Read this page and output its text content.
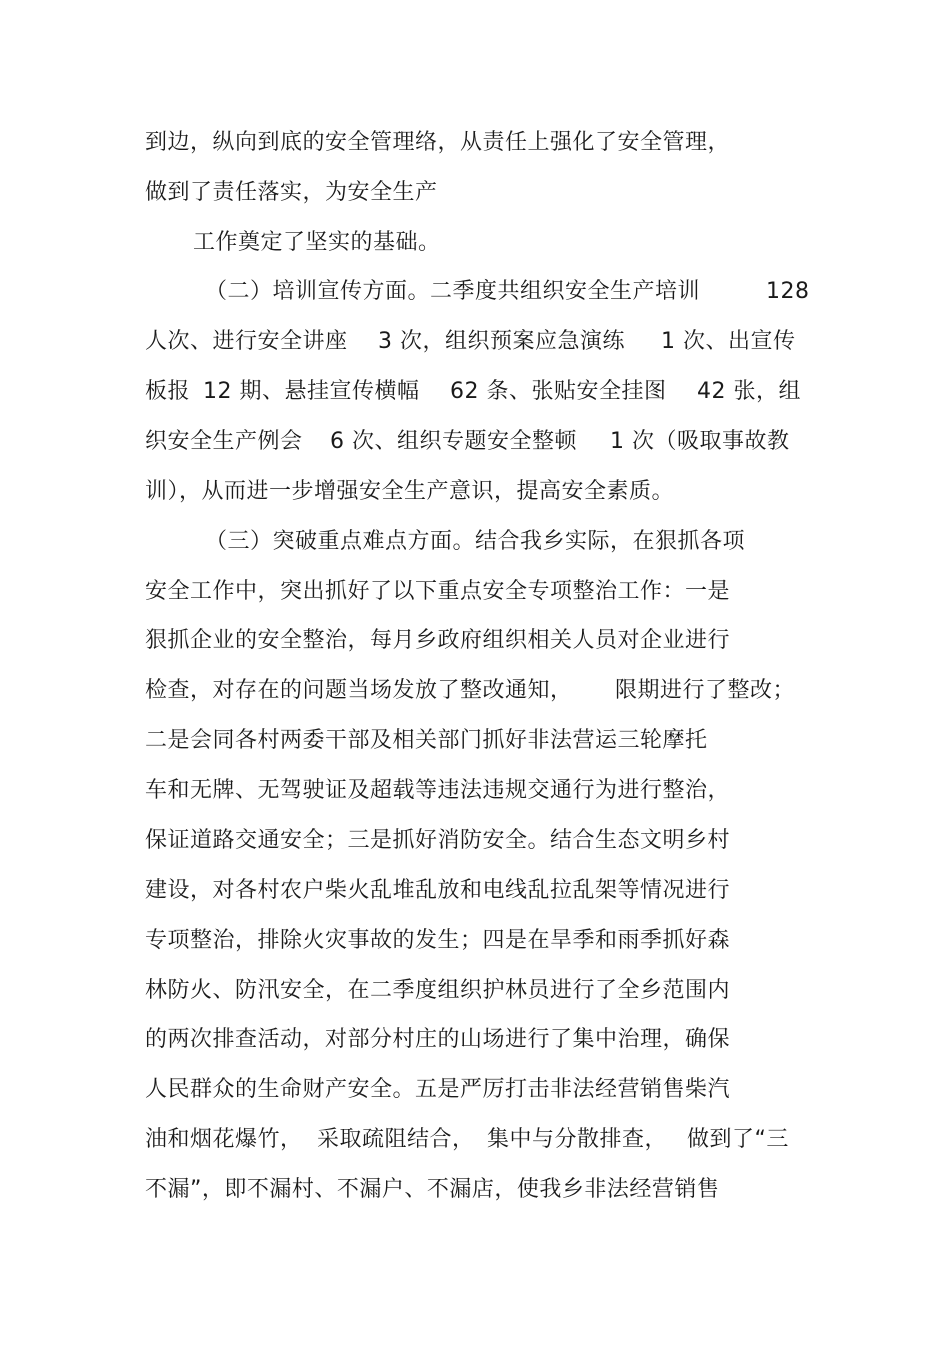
到边，纵向到底的安全管理络，从责任上强化了安全管理，
做到了责任落实，为安全生产
工作奠定了坚实的基础。
（二）培训宣传方面。二季度共组织安全生产培训	128
人次、进行安全讲座 3 次，组织预案应急演练 1 次、出宣传
板报 12 期、悬挂宣传横幅 62 条、张贴安全挂图 42 张，组
织安全生产例会 6 次、组织专题安全整顿 1 次（吸取事故教
训），从而进一步增强安全生产意识，提高安全素质。
（三）突破重点难点方面。结合我乡实际，在狠抓各项
安全工作中，突出抓好了以下重点安全专项整治工作：一是
狠抓企业的安全整治，每月乡政府组织相关人员对企业进行
检查，对存在的问题当场发放了整改通知， 限期进行了整改；
二是会同各村两委干部及相关部门抓好非法营运三轮摩托
车和无牌、无驾驶证及超载等违法违规交通行为进行整治，
保证道路交通安全；三是抓好消防安全。结合生态文明乡村
建设，对各村农户柴火乱堆乱放和电线乱拉乱架等情况进行
专项整治，排除火灾事故的发生；四是在旱季和雨季抓好森
林防火、防汛安全，在二季度组织护林员进行了全乡范围内
的两次排查活动，对部分村庄的山场进行了集中治理，确保
人民群众的生命财产安全。五是严厉打击非法经营销售柴汽
油和烟花爆竹， 采取疏阻结合， 集中与分散排查， 做到了“三
不漏”，即不漏村、不漏户、不漏店，使我乡非法经营销售
